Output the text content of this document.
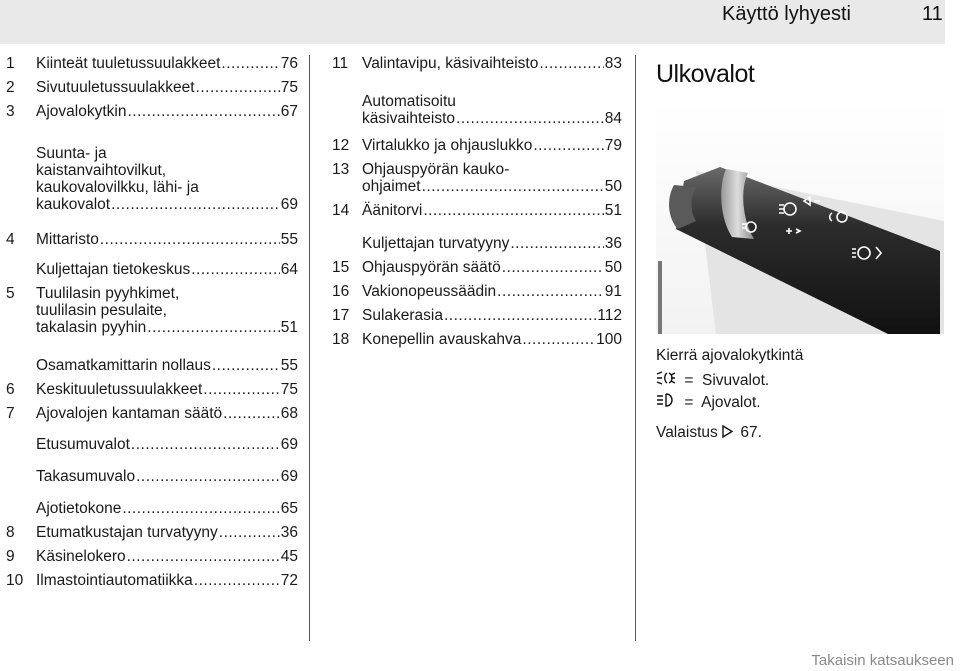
Käyttö lyhyesti	11
1	Kiinteät tuuletussuulakkeet .....	76
2	Sivutuuletussuulakkeet .....	75
3	Ajovalokytkin .....	67
Suunta- ja
kaistanvaihtovilkut,
kaukovalovilkku, lähi- ja
kaukovalot .....	69
4	Mittaristo .....	55
Kuljettajan tietokeskus .....	64
5	Tuulilasin pyyhkimet,
tuulilasin pesulaite,
takalasin pyyhin .....	51
Osamatkamittarin nollaus .....	55
6	Keskituuletussuulakkeet .....	75
7	Ajovalojen kantaman säätö .....	68
Etusumuvalot .....	69
Takasumuvalo .....	69
Ajotietokone .....	65
8	Etumatkustajan turvatyyny .....	36
9	Käsinelokero .....	45
10 Ilmastointiautomatiikka .....	72
11 Valintavipu, käsivaihteisto .....	83
Automatisoitu
käsivaihteisto .....	84
12 Virtalukko ja ohjauslukko .....	79
13 Ohjauspyörän kauko-
ohjaimet .....	50
14 Äänitorvi .....	51
Kuljettajan turvatyyny .....	36
15 Ohjauspyörän säätö .....	50
16 Vakionopeussäädin .....	91
17 Sulakerasia .....	112
18 Konepellin avauskahva .....	100
Ulkovalot
Kierrä ajovalokytkintä
= Sivuvalot.
= Ajovalot.
Valaistus 67.
Takaisin katsaukseen
